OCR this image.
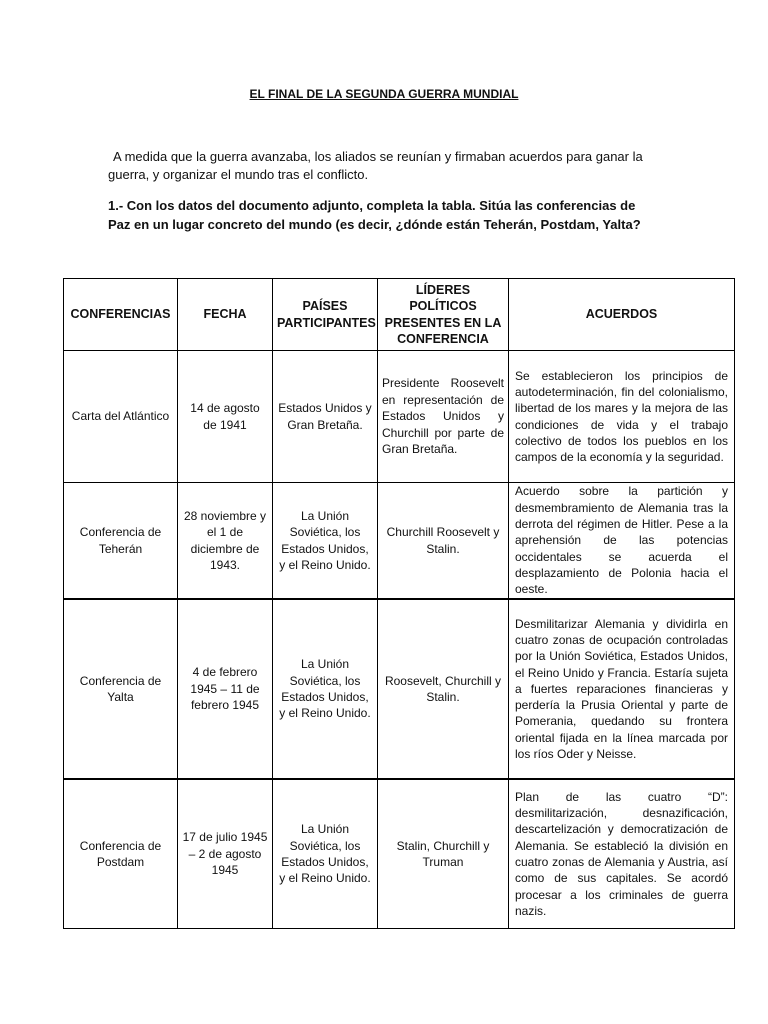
EL FINAL DE LA SEGUNDA GUERRA MUNDIAL

A medida que la guerra avanzaba, los aliados se reunían y firmaban acuerdos para ganar la guerra, y organizar el mundo tras el conflicto.

1.- Con los datos del documento adjunto, completa la tabla. Sitúa las conferencias de Paz en un lugar concreto del mundo (es decir, ¿dónde están Teherán, Postdam, Yalta?

CONFERENCIAS	FECHA	PAÍSES PARTICIPANTES	LÍDERES POLÍTICOS PRESENTES EN LA CONFERENCIA	ACUERDOS
Carta del Atlántico	14 de agosto de 1941	Estados Unidos y Gran Bretaña.	Presidente Roosevelt en representación de Estados Unidos y Churchill por parte de Gran Bretaña.	Se establecieron los principios de autodeterminación, fin del colonialismo, libertad de los mares y la mejora de las condiciones de vida y el trabajo colectivo de todos los pueblos en los campos de la economía y la seguridad.
Conferencia de Teherán	28 noviembre y el 1 de diciembre de 1943.	La Unión Soviética, los Estados Unidos, y el Reino Unido.	Churchill Roosevelt y Stalin.	Acuerdo sobre la partición y desmembramiento de Alemania tras la derrota del régimen de Hitler. Pese a la aprehensión de las potencias occidentales se acuerda el desplazamiento de Polonia hacia el oeste.
Conferencia de Yalta	4 de febrero 1945 – 11 de febrero 1945	La Unión Soviética, los Estados Unidos, y el Reino Unido.	Roosevelt, Churchill y Stalin.	Desmilitarizar Alemania y dividirla en cuatro zonas de ocupación controladas por la Unión Soviética, Estados Unidos, el Reino Unido y Francia. Estaría sujeta a fuertes reparaciones financieras y perdería la Prusia Oriental y parte de Pomerania, quedando su frontera oriental fijada en la línea marcada por los ríos Oder y Neisse.
Conferencia de Postdam	17 de julio 1945 – 2 de agosto 1945	La Unión Soviética, los Estados Unidos, y el Reino Unido.	Stalin, Churchill y Truman	Plan de las cuatro “D”: desmilitarización, desnazificación, descartelización y democratización de Alemania. Se estableció la división en cuatro zonas de Alemania y Austria, así como de sus capitales. Se acordó procesar a los criminales de guerra nazis.
